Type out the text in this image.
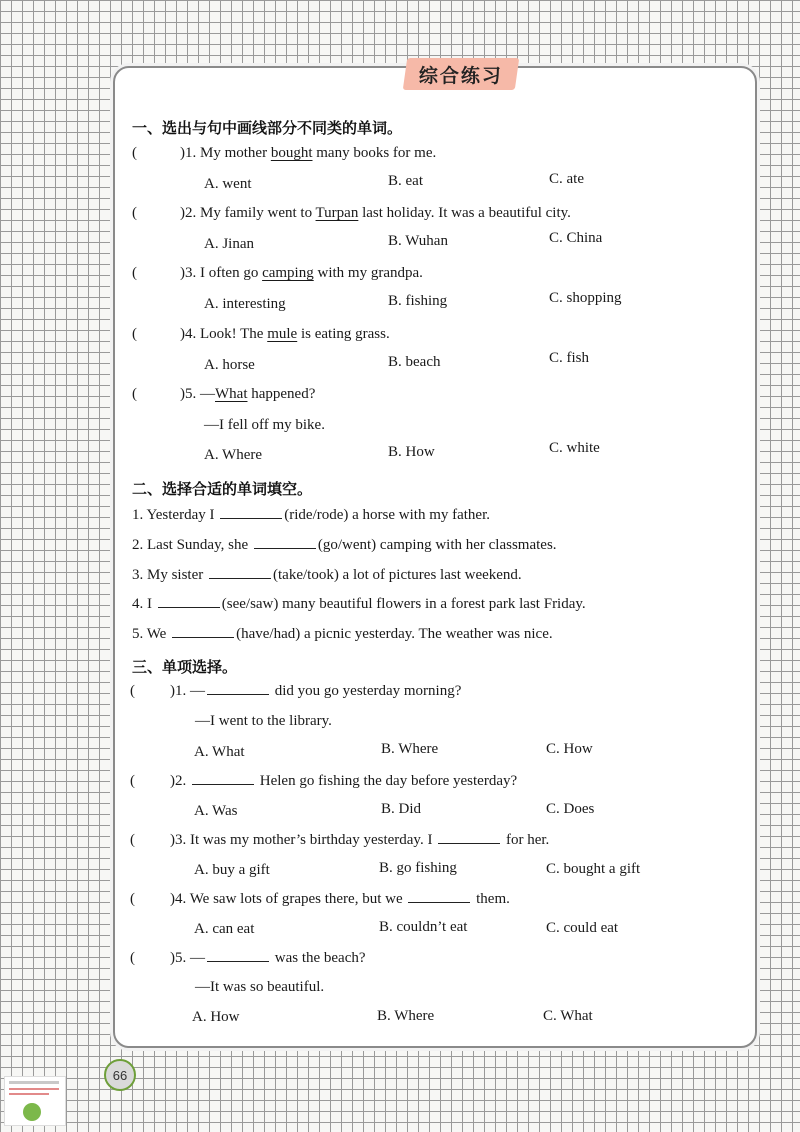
综合练习
一、选出与句中画线部分不同类的单词。
(	)1. My mother bought many books for me.
A. went	B. eat	C. ate
(	)2. My family went to Turpan last holiday. It was a beautiful city.
A. Jinan	B. Wuhan	C. China
(	)3. I often go camping with my grandpa.
A. interesting	B. fishing	C. shopping
(	)4. Look! The mule is eating grass.
A. horse	B. beach	C. fish
(	)5. —What happened?
—I fell off my bike.
A. Where	B. How	C. white
二、选择合适的单词填空。
1. Yesterday I	(ride/rode) a horse with my father.
2. Last Sunday, she	(go/went) camping with her classmates.
3. My sister	(take/took) a lot of pictures last weekend.
4. I	(see/saw) many beautiful flowers in a forest park last Friday.
5. We	(have/had) a picnic yesterday. The weather was nice.
三、单项选择。
( )1. —	did you go yesterday morning?
—I went to the library.
A. What	B. Where	C. How
( )2.	Helen go fishing the day before yesterday?
A. Was	B. Did	C. Does
( )3. It was my mother’s birthday yesterday. I	for her.
A. buy a gift	B. go fishing	C. bought a gift
( )4. We saw lots of grapes there, but we	them.
A. can eat	B. couldn’t eat	C. could eat
( )5. —	was the beach?
—It was so beautiful.
A. How	B. Where	C. What
66
